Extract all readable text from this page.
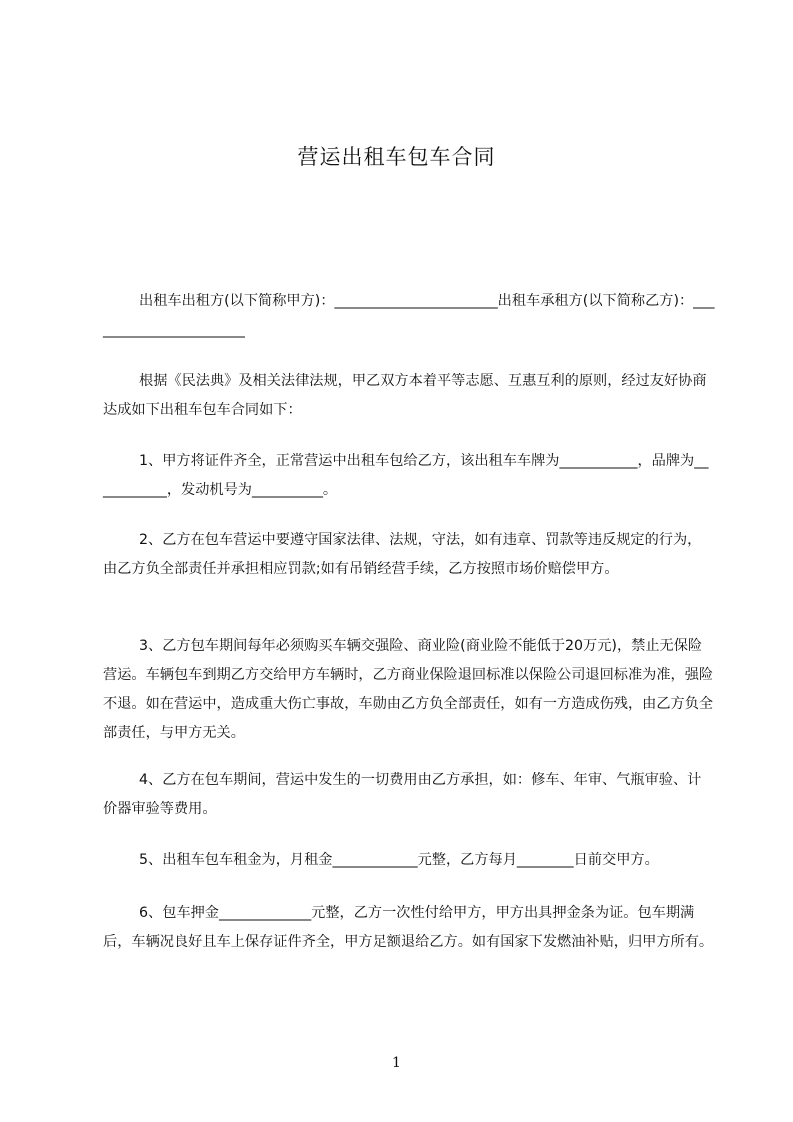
营运出租车包车合同

出租车出租方(以下简称甲方)：_______________________出租车承租方(以下简称乙方)：_______________________

根据《民法典》及相关法律法规，甲乙双方本着平等志愿、互惠互利的原则，经过友好协商达成如下出租车包车合同如下：

1、甲方将证件齐全，正常营运中出租车包给乙方，该出租车车牌为___________，品牌为___________，发动机号为__________。

2、乙方在包车营运中要遵守国家法律、法规，守法，如有违章、罚款等违反规定的行为，由乙方负全部责任并承担相应罚款;如有吊销经营手续，乙方按照市场价赔偿甲方。

3、乙方包车期间每年必须购买车辆交强险、商业险(商业险不能低于20万元)，禁止无保险营运。车辆包车到期乙方交给甲方车辆时，乙方商业保险退回标准以保险公司退回标准为准，强险不退。如在营运中，造成重大伤亡事故，车勋由乙方负全部责任，如有一方造成伤残，由乙方负全部责任，与甲方无关。

4、乙方在包车期间，营运中发生的一切费用由乙方承担，如：修车、年审、气瓶审验、计价器审验等费用。

5、出租车包车租金为，月租金____________元整，乙方每月________日前交甲方。

6、包车押金_____________元整，乙方一次性付给甲方，甲方出具押金条为证。包车期满后，车辆况良好且车上保存证件齐全，甲方足额退给乙方。如有国家下发燃油补贴，归甲方所有。

1
